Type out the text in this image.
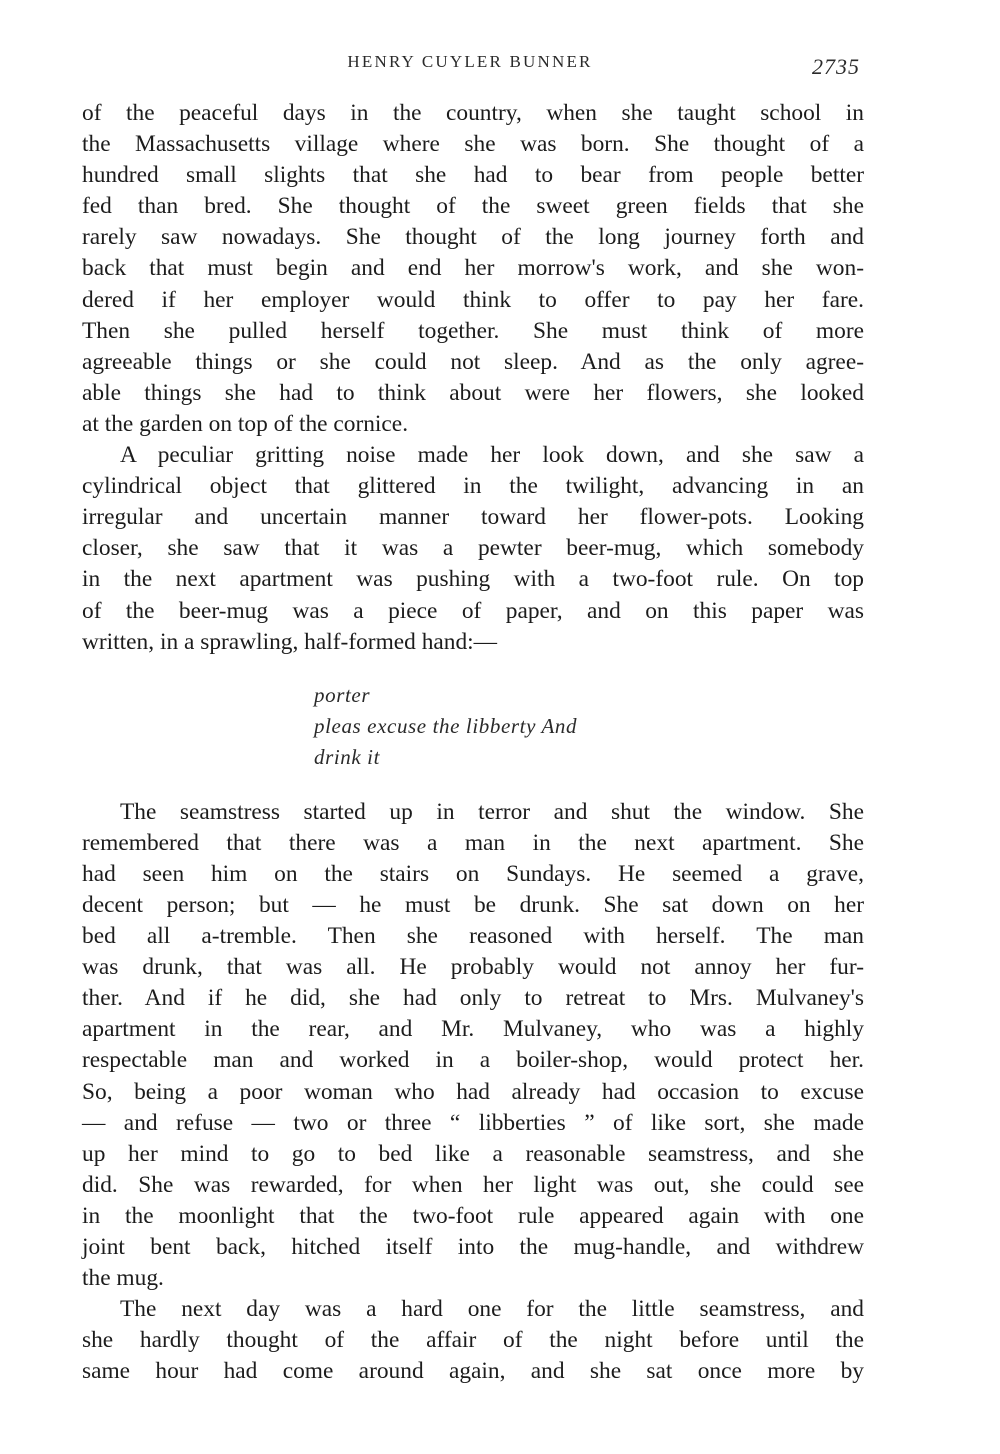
HENRY CUYLER BUNNER	2735

of the peaceful days in the country, when she taught school in

the Massachusetts village where she was born. She thought of a

hundred small slights that she had to bear from people better

fed than bred. She thought of the sweet green fields that she

rarely saw nowadays. She thought of the long journey forth and

back that must begin and end her morrow's work, and she won-

dered if her employer would think to offer to pay her fare.

Then she pulled herself together. She must think of more

agreeable things or she could not sleep. And as the only agree-

able things she had to think about were her flowers, she looked

at the garden on top of the cornice.

A peculiar gritting noise made her look down, and she saw a

cylindrical object that glittered in the twilight, advancing in an

irregular and uncertain manner toward her flower-pots. Looking

closer, she saw that it was a pewter beer-mug, which somebody

in the next apartment was pushing with a two-foot rule. On top

of the beer-mug was a piece of paper, and on this paper was

written, in a sprawling, half-formed hand:—

porter
pleas excuse the libberty And
drink it

The seamstress started up in terror and shut the window. She

remembered that there was a man in the next apartment. She

had seen him on the stairs on Sundays. He seemed a grave,

decent person; but — he must be drunk. She sat down on her

bed all a-tremble. Then she reasoned with herself. The man

was drunk, that was all. He probably would not annoy her fur-

ther. And if he did, she had only to retreat to Mrs. Mulvaney's

apartment in the rear, and Mr. Mulvaney, who was a highly

respectable man and worked in a boiler-shop, would protect her.

So, being a poor woman who had already had occasion to excuse

— and refuse — two or three “ libberties ” of like sort, she made

up her mind to go to bed like a reasonable seamstress, and she

did. She was rewarded, for when her light was out, she could see

in the moonlight that the two-foot rule appeared again with one

joint bent back, hitched itself into the mug-handle, and withdrew

the mug.

The next day was a hard one for the little seamstress, and

she hardly thought of the affair of the night before until the

same hour had come around again, and she sat once more by
